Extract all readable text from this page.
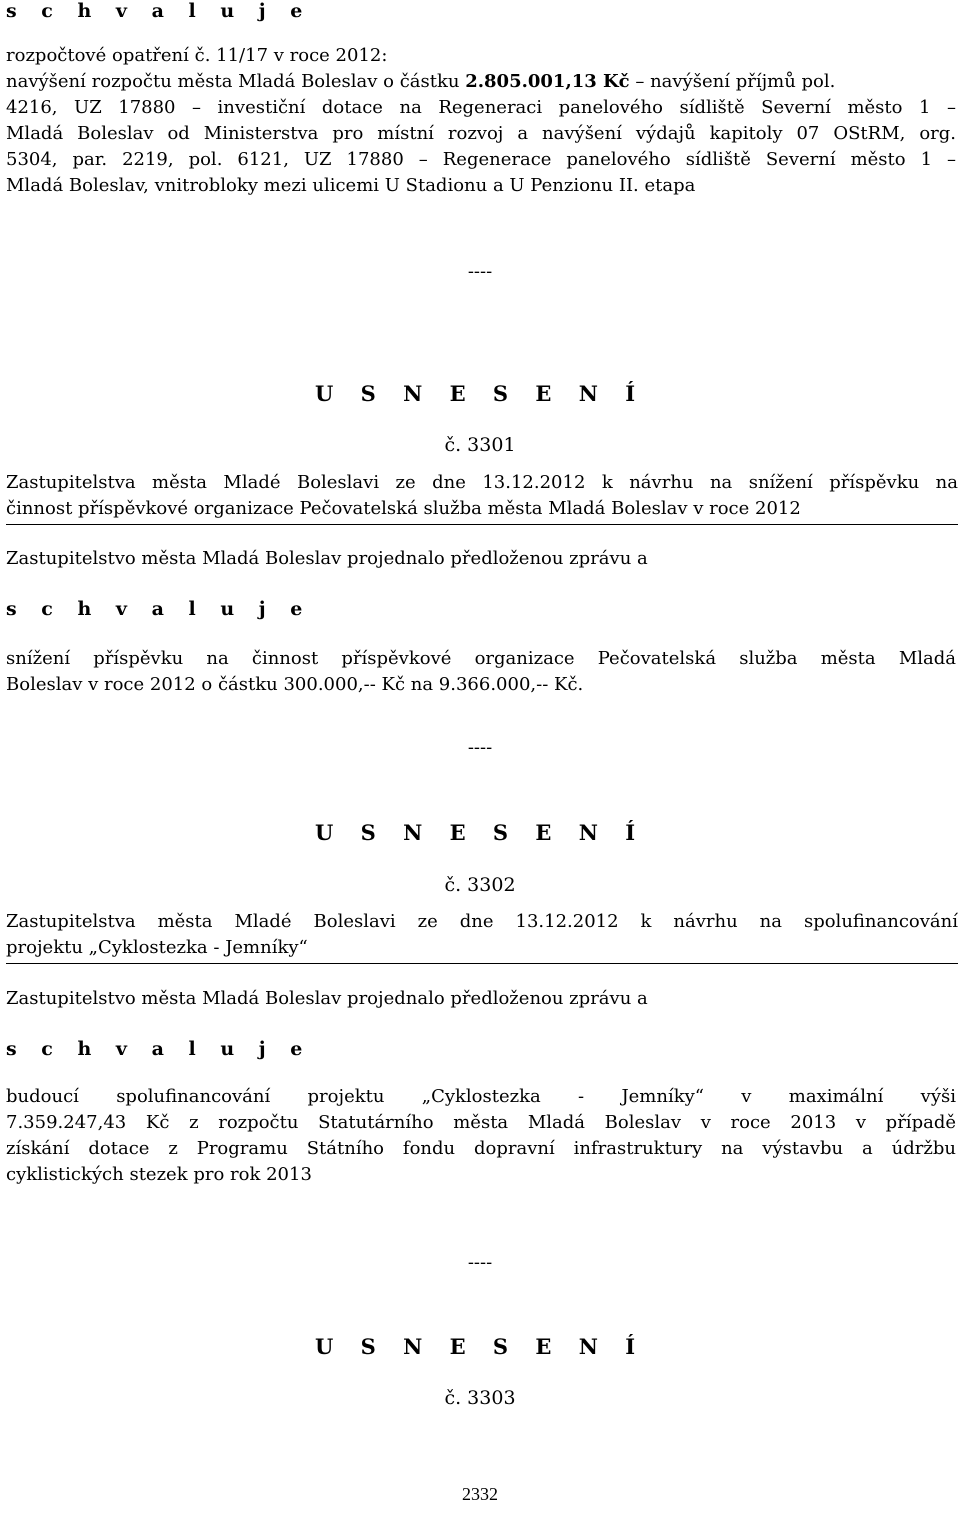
s c h v a l u j e
rozpočtové opatření č. 11/17 v roce 2012:
navýšení rozpočtu města Mladá Boleslav o částku 2.805.001,13 Kč – navýšení příjmů pol.
4216, UZ 17880 – investiční dotace na Regeneraci panelového sídliště Severní město 1 –
Mladá Boleslav od Ministerstva pro místní rozvoj a navýšení výdajů kapitoly 07 OStRM, org.
5304, par. 2219, pol. 6121, UZ 17880 – Regenerace panelového sídliště Severní město 1 –
Mladá Boleslav, vnitrobloky mezi ulicemi U Stadionu a U Penzionu II. etapa
----
U S N E S E N Í
č. 3301
Zastupitelstva města Mladé Boleslavi ze dne 13.12.2012 k návrhu na snížení příspěvku na
činnost příspěvkové organizace Pečovatelská služba města Mladá Boleslav v roce 2012
Zastupitelstvo města Mladá Boleslav projednalo předloženou zprávu a
s c h v a l u j e
snížení příspěvku na činnost příspěvkové organizace Pečovatelská služba města Mladá
Boleslav v roce 2012 o částku 300.000,-- Kč na 9.366.000,-- Kč.
----
U S N E S E N Í
č. 3302
Zastupitelstva města Mladé Boleslavi ze dne 13.12.2012 k návrhu na spolufinancování
projektu „Cyklostezka - Jemníky“
Zastupitelstvo města Mladá Boleslav projednalo předloženou zprávu a
s c h v a l u j e
budoucí spolufinancování projektu „Cyklostezka - Jemníky“ v maximální výši
7.359.247,43 Kč z rozpočtu Statutárního města Mladá Boleslav v roce 2013 v případě
získání dotace z Programu Státního fondu dopravní infrastruktury na výstavbu a údržbu
cyklistických stezek pro rok 2013
----
U S N E S E N Í
č. 3303
2332
